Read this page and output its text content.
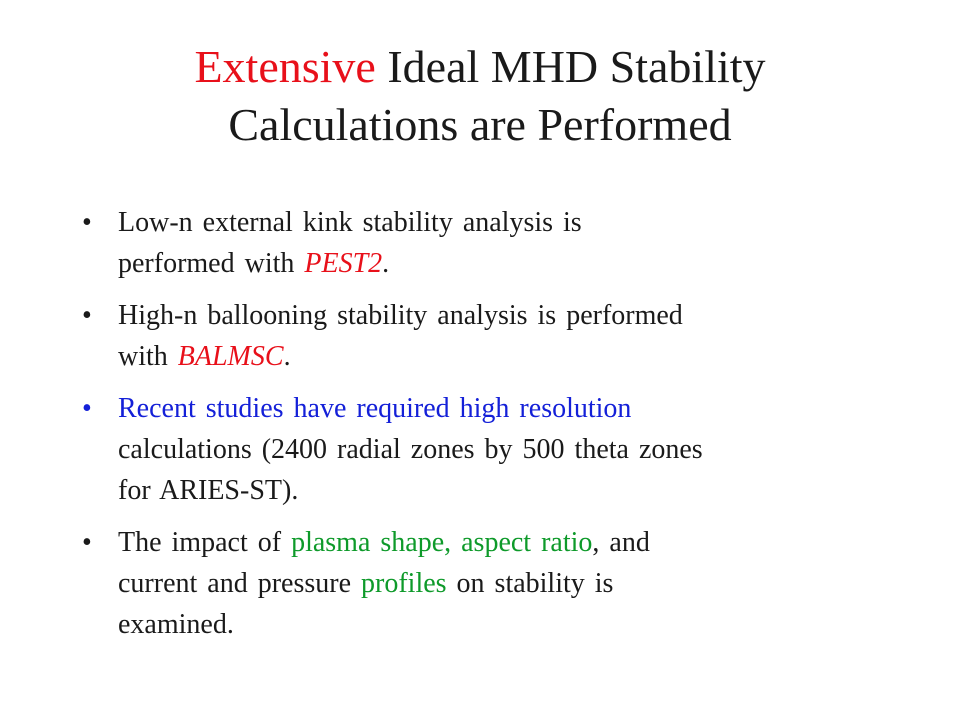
Extensive Ideal MHD Stability
Calculations are Performed
• Low-n external kink stability analysis is
performed with PEST2.
• High-n ballooning stability analysis is performed
with BALMSC.
• Recent studies have required high resolution
calculations (2400 radial zones by 500 theta zones
for ARIES-ST).
• The impact of plasma shape, aspect ratio, and
current and pressure profiles on stability is
examined.
